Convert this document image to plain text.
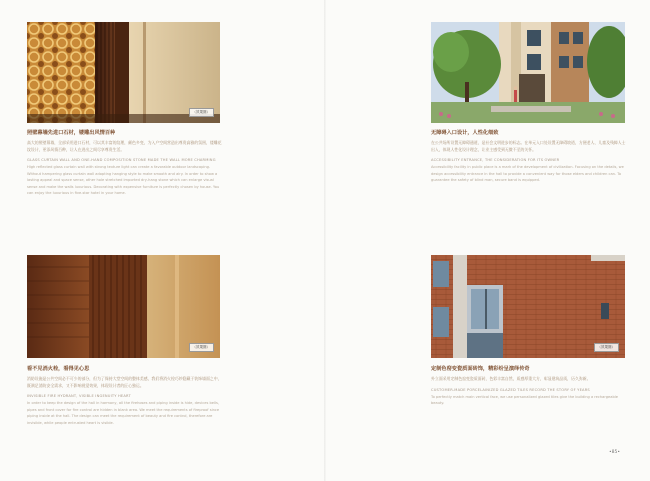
（效果图）
（效果图）	（效果图）
照壁幕墙先进口石材，镂雕出风情百种

高大的照壁幕墙，全部采用进口石材，可以其丰富的纹理，颜色多变，为入户空间营造出尊贵高雅的氛围，镂雕花纹设计，更添风情百种，让人在进出之间尽享尊贵生活。

GLASS CURTAIN WALL AND ONE-HAND COMPOSITION STONE MADE THE WALL MORE CHARMING

High reflected glass curtain wall with strong texture light can create a favorable outdoor landscaping. Without hampering glass curtain wall adopting hanging style to make smooth and airy. In order to show a lasting appeal and space sense, other hole stretched imported dry-hang stone which can enlarge visual sense and make the walls luxurious. Decorating with expensive furniture is perfectly chosen by house. You can enjoy the luxurious in five-star hotel in your home.

无障碍入口设计，人性化细致

在公共场所设置无障碍通道，是社会文明进步的标志。在单元入口处设置无障碍坡道，方便老人、儿童及残障人士出入，体现人性化设计理念，让业主感受到无微不至的关怀。

ACCESSIBILITY ENTRANCE, THE CONSIDERATION FOR ITS OWNER

Accessibility facility in public place is a mark of the development of civilization. Focusing on the details, we design accessibility entrance in the hall to provide a convenient way for those elders and children can. To guarantee the safety of blind man, secure band is equipped.

看不见消火栓，看得见心思

消防设施是公共空间必不可少的部分，但为了保持大堂空间的整体美感，我们将消火栓巧妙隐藏于装饰墙面之中，既满足消防安全需求，又不影响视觉效果，体现设计者的匠心独运。

INVISIBLE FIRE HYDRANT, VISIBLE INGENUITY HEART

In order to keep the design of the hall in harmony, all the firehoses and piping inside is hide, devices bells, pipes and front cover for fire control are hidden in blank area. We meet the requirements of fireproof since piping inside at the hall. The design can meet the requirement of beauty and fire control, therefore are invisible, while people entrusted heart is visible.

定制色窑变瓷质面砖饰，精彩纷呈演绎传奇

外立面采用定制色窑变瓷质面砖，色彩丰富自然，质感厚重大方，彰显建筑品质，历久弥新。

CUSTOMER-MADE PORCELAINIZED GLAZED TILES RECORD THE STORY OF YEARS

To perfectly match main vertical face, we use personalized glazed tiles give the building a rechargeable beauty.

•85•
